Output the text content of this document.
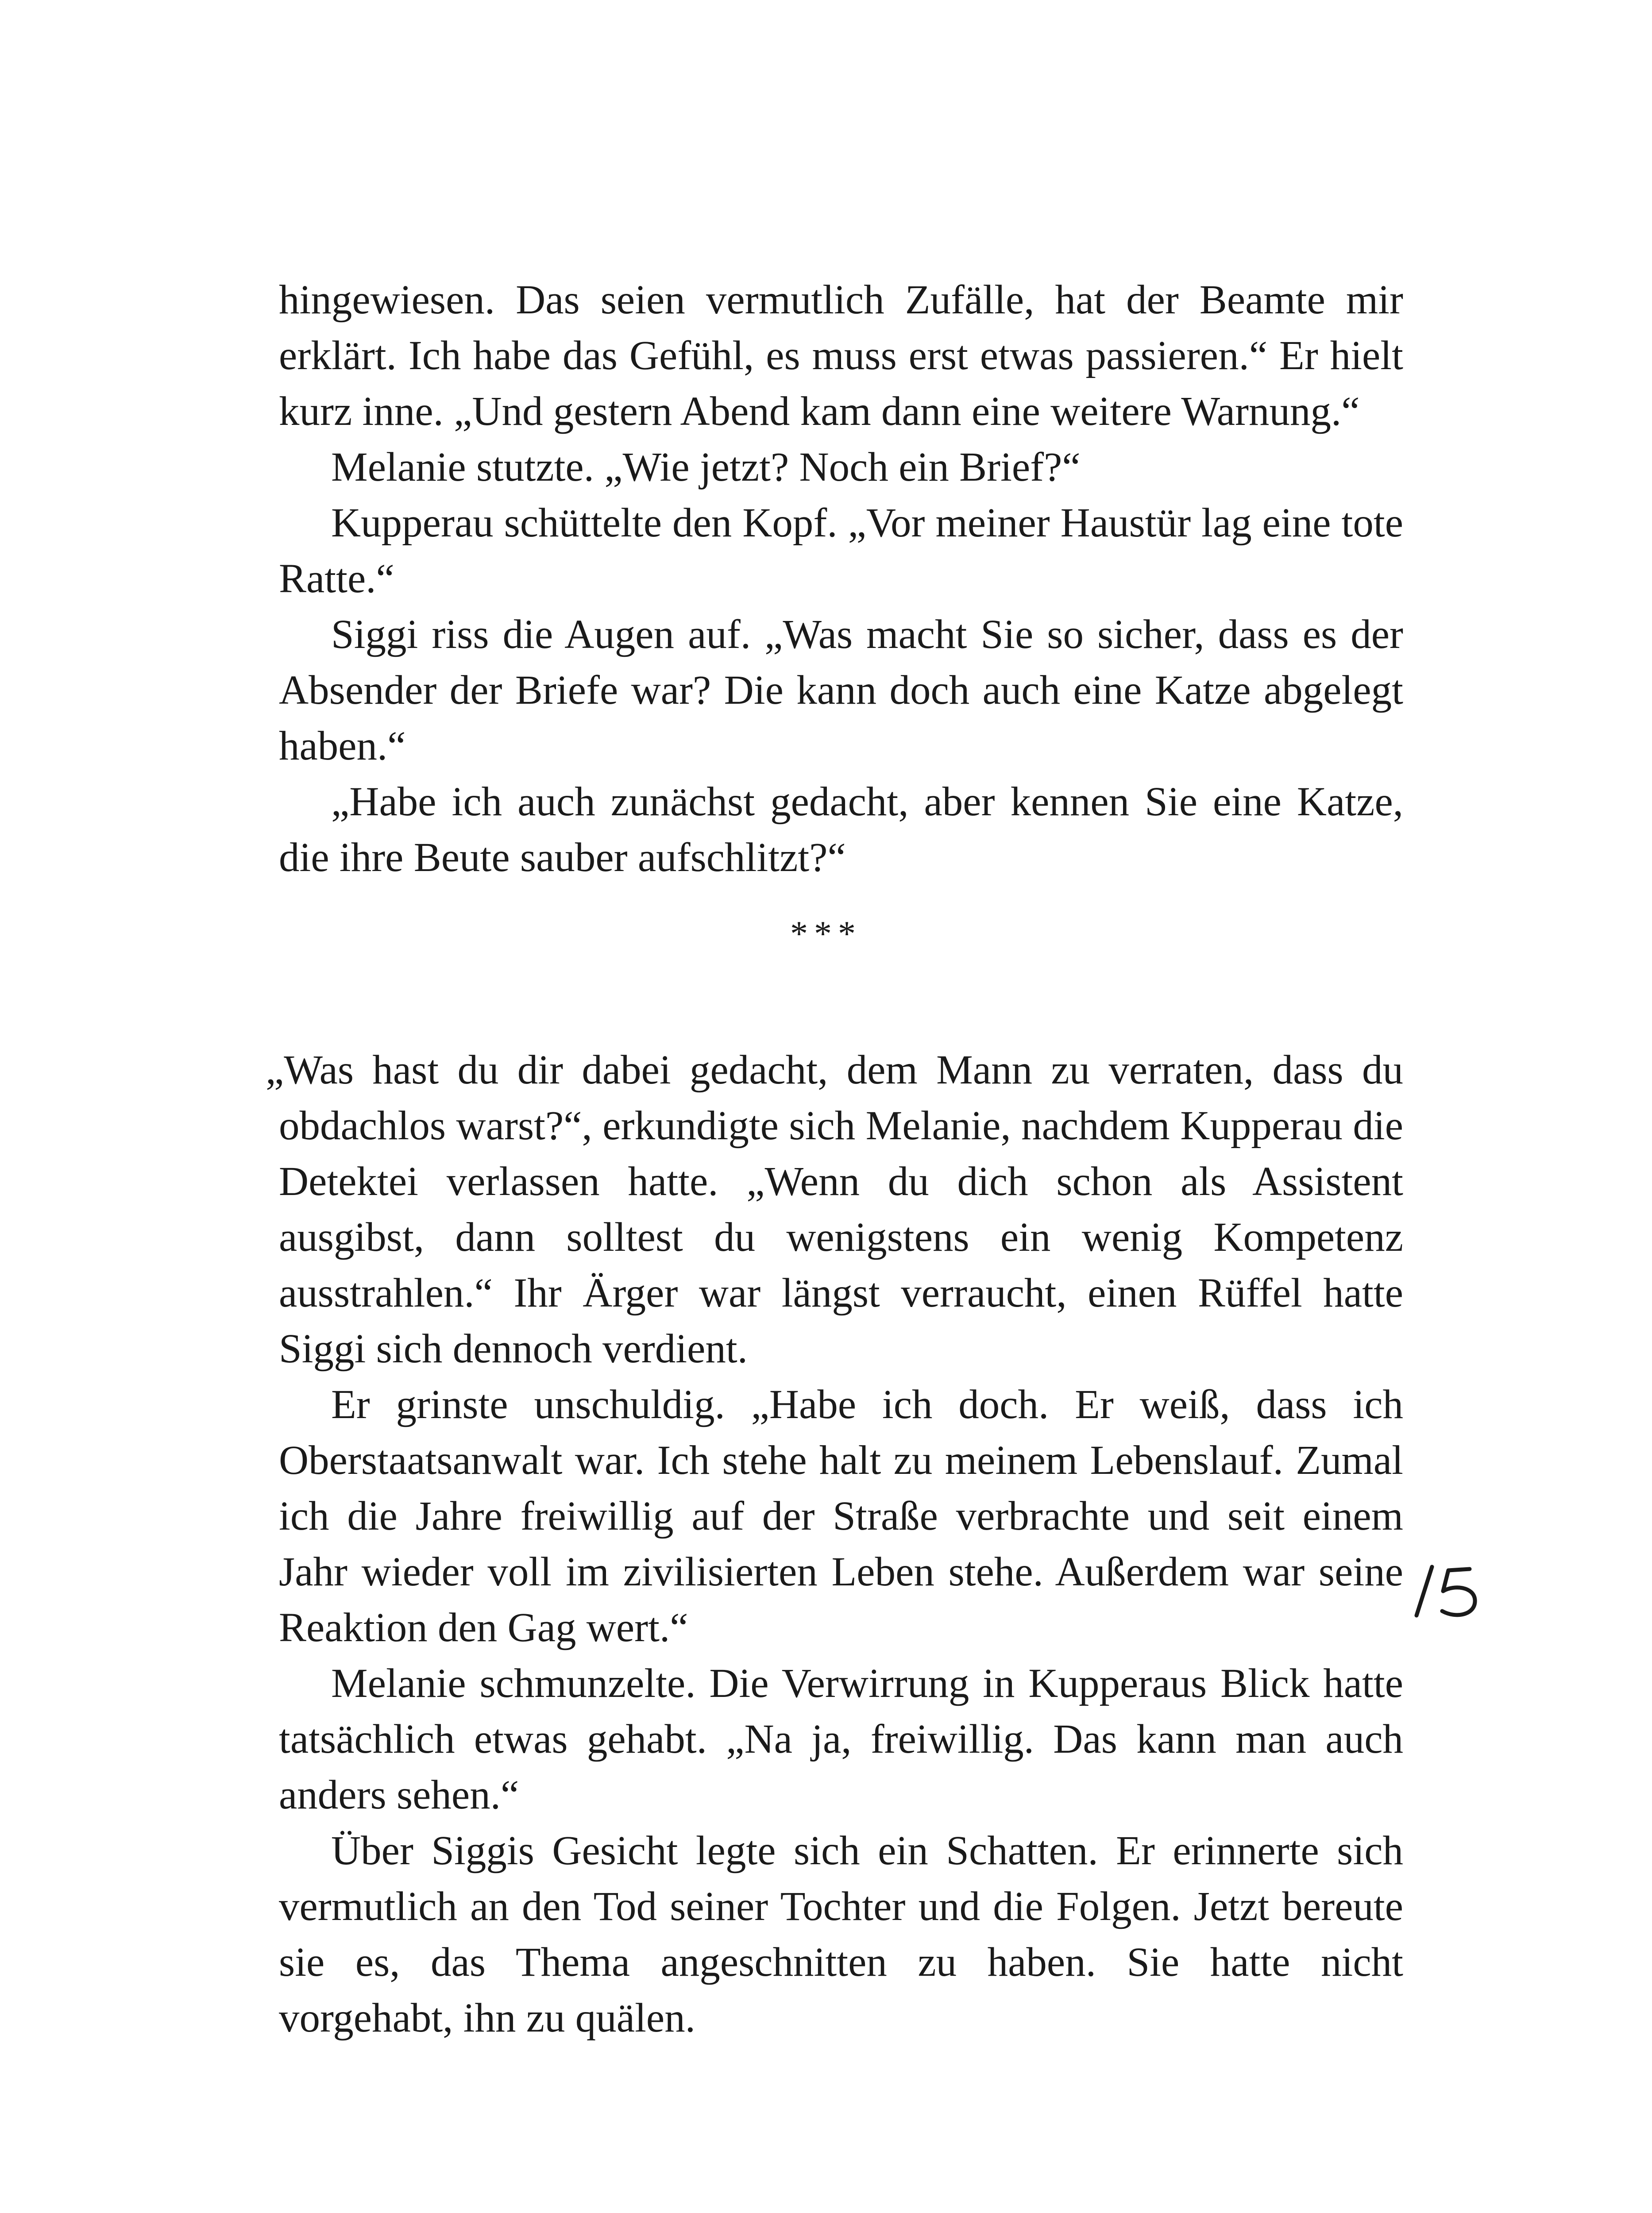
hingewiesen. Das seien vermutlich Zufälle, hat der Beamte mir erklärt. Ich habe das Gefühl, es muss erst etwas passieren.“ Er hielt kurz inne. „Und gestern Abend kam dann eine weitere Warnung.“

Melanie stutzte. „Wie jetzt? Noch ein Brief?“

Kupperau schüttelte den Kopf. „Vor meiner Haustür lag eine tote Ratte.“

Siggi riss die Augen auf. „Was macht Sie so sicher, dass es der Absender der Briefe war? Die kann doch auch eine Katze abgelegt haben.“

„Habe ich auch zunächst gedacht, aber kennen Sie eine Katze, die ihre Beute sauber aufschlitzt?“

***

„Was hast du dir dabei gedacht, dem Mann zu verraten, dass du obdachlos warst?“, erkundigte sich Melanie, nachdem Kupperau die Detektei verlassen hatte. „Wenn du dich schon als Assistent ausgibst, dann solltest du wenigstens ein wenig Kompetenz ausstrahlen.“ Ihr Ärger war längst verraucht, einen Rüffel hatte Siggi sich dennoch verdient.

Er grinste unschuldig. „Habe ich doch. Er weiß, dass ich Oberstaatsanwalt war. Ich stehe halt zu meinem Lebenslauf. Zumal ich die Jahre freiwillig auf der Straße verbrachte und seit einem Jahr wieder voll im zivilisierten Leben stehe. Außerdem war seine Reaktion den Gag wert.“

Melanie schmunzelte. Die Verwirrung in Kupperaus Blick hatte tatsächlich etwas gehabt. „Na ja, freiwillig. Das kann man auch anders sehen.“

Über Siggis Gesicht legte sich ein Schatten. Er erinnerte sich vermutlich an den Tod seiner Tochter und die Folgen. Jetzt bereute sie es, das Thema angeschnitten zu haben. Sie hatte nicht vorgehabt, ihn zu quälen.
